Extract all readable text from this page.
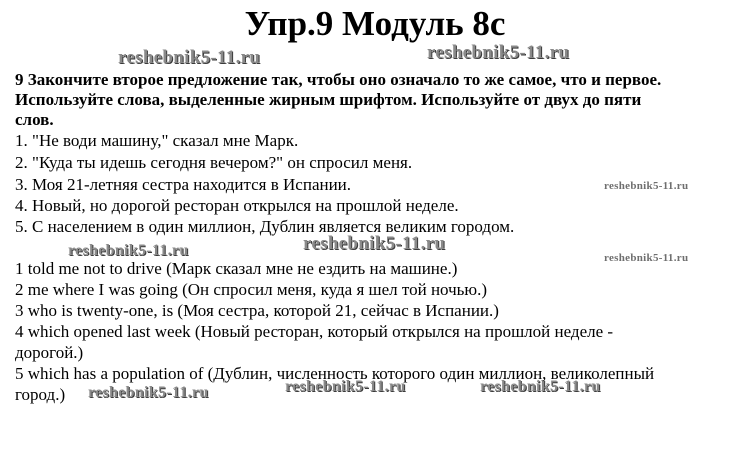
Упр.9 Модуль 8с
reshebnik5-11.ru	reshebnik5-11.ru
reshebnik5-11.ru
reshebnik5-11.ru	reshebnik5-11.ru
reshebnik5-11.ru
reshebnik5-11.ru	reshebnik5-11.ru	reshebnik5-11.ru
9 Закончите второе предложение так, чтобы оно означало то же самое, что и первое.
Используйте слова, выделенные жирным шрифтом. Используйте от двух до пяти
слов.
1. "Не води машину," сказал мне Марк.
2. "Куда ты идешь сегодня вечером?" он спросил меня.
3. Моя 21-летняя сестра находится в Испании.
4. Новый, но дорогой ресторан открылся на прошлой неделе.
5. С населением в один миллион, Дублин является великим городом.
1 told me not to drive (Марк сказал мне не ездить на машине.)
2 me where I was going (Он спросил меня, куда я шел той ночью.)
3 who is twenty-one, is (Моя сестра, которой 21, сейчас в Испании.)
4 which opened last week (Новый ресторан, который открылся на прошлой неделе -
дорогой.)
5 which has a population of (Дублин, численность которого один миллион, великолепный
город.)
